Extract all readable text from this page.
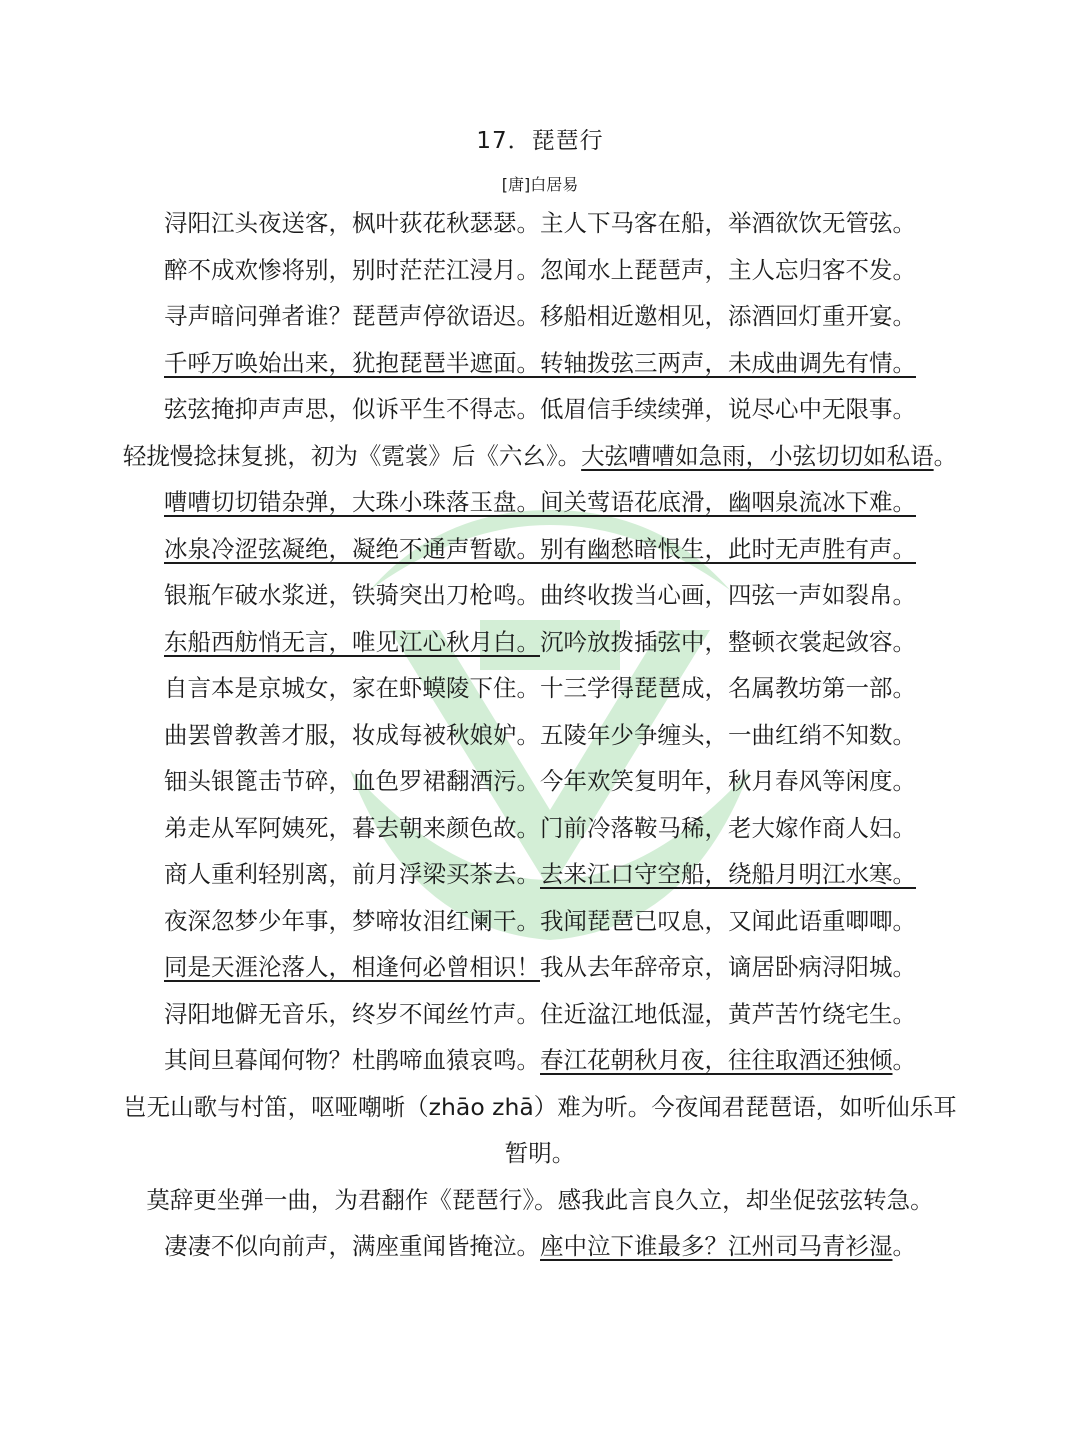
17．琵琶行
[唐]白居易
浔阳江头夜送客，枫叶荻花秋瑟瑟。主人下马客在船，举酒欲饮无管弦。
醉不成欢惨将别，别时茫茫江浸月。忽闻水上琵琶声，主人忘归客不发。
寻声暗问弹者谁？琵琶声停欲语迟。移船相近邀相见，添酒回灯重开宴。
千呼万唤始出来，犹抱琵琶半遮面。转轴拨弦三两声，未成曲调先有情。
弦弦掩抑声声思，似诉平生不得志。低眉信手续续弹，说尽心中无限事。
轻拢慢捻抹复挑，初为《霓裳》后《六幺》。大弦嘈嘈如急雨，小弦切切如私语。
嘈嘈切切错杂弹，大珠小珠落玉盘。间关莺语花底滑，幽咽泉流冰下难。
冰泉冷涩弦凝绝，凝绝不通声暂歇。别有幽愁暗恨生，此时无声胜有声。
银瓶乍破水浆迸，铁骑突出刀枪鸣。曲终收拨当心画，四弦一声如裂帛。
东船西舫悄无言，唯见江心秋月白。沉吟放拨插弦中，整顿衣裳起敛容。
自言本是京城女，家在虾蟆陵下住。十三学得琵琶成，名属教坊第一部。
曲罢曾教善才服，妆成每被秋娘妒。五陵年少争缠头，一曲红绡不知数。
钿头银篦击节碎，血色罗裙翻酒污。今年欢笑复明年，秋月春风等闲度。
弟走从军阿姨死，暮去朝来颜色故。门前冷落鞍马稀，老大嫁作商人妇。
商人重利轻别离，前月浮梁买茶去。去来江口守空船，绕船月明江水寒。
夜深忽梦少年事，梦啼妆泪红阑干。我闻琵琶已叹息，又闻此语重唧唧。
同是天涯沦落人，相逢何必曾相识！我从去年辞帝京，谪居卧病浔阳城。
浔阳地僻无音乐，终岁不闻丝竹声。住近湓江地低湿，黄芦苦竹绕宅生。
其间旦暮闻何物？杜鹃啼血猿哀鸣。春江花朝秋月夜，往往取酒还独倾。
岂无山歌与村笛，呕哑嘲哳（zhāo zhā）难为听。今夜闻君琵琶语，如听仙乐耳
暂明。
莫辞更坐弹一曲，为君翻作《琵琶行》。感我此言良久立，却坐促弦弦转急。
凄凄不似向前声，满座重闻皆掩泣。座中泣下谁最多？江州司马青衫湿。
